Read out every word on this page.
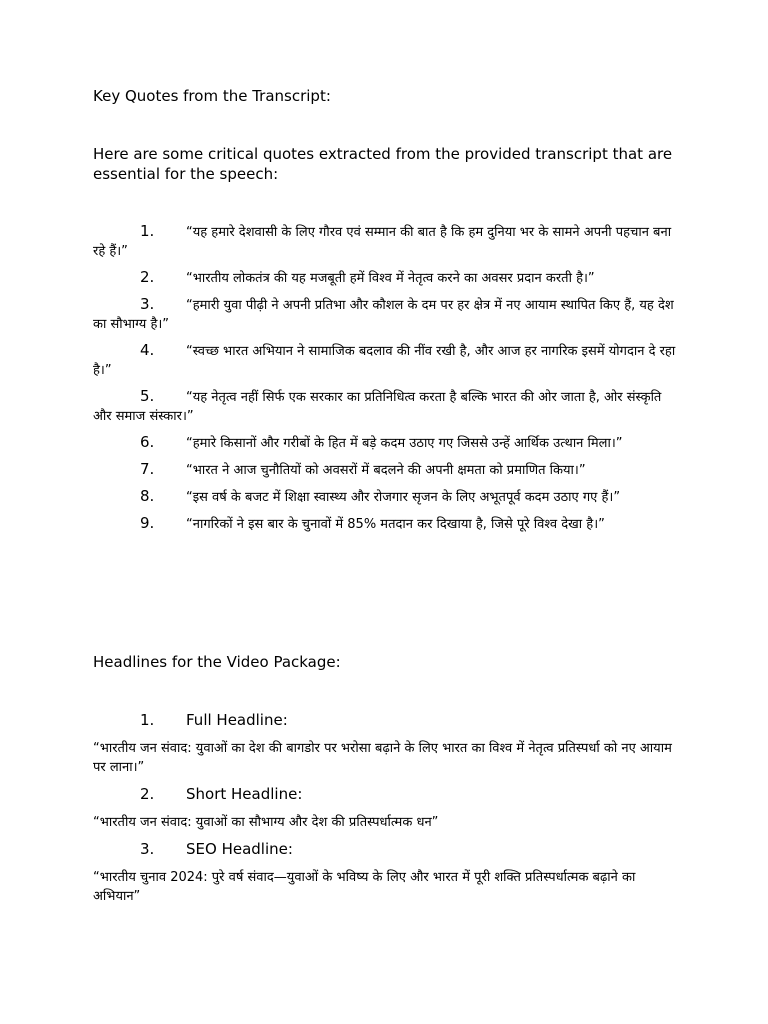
Key Quotes from the Transcript:
Here are some critical quotes extracted from the provided transcript that are essential for the speech:
1. “यह हमारे देशवासी के लिए गौरव एवं सम्मान की बात है कि हम दुनिया भर के सामने अपनी पहचान बना रहे हैं।”
2. “भारतीय लोकतंत्र की यह मजबूती हमें विश्व में नेतृत्व करने का अवसर प्रदान करती है।”
3. “हमारी युवा पीढ़ी ने अपनी प्रतिभा और कौशल के दम पर हर क्षेत्र में नए आयाम स्थापित किए हैं, यह देश का सौभाग्य है।”
4. “स्वच्छ भारत अभियान ने सामाजिक बदलाव की नींव रखी है, और आज हर नागरिक इसमें योगदान दे रहा है।”
5. “यह नेतृत्व नहीं सिर्फ एक सरकार का प्रतिनिधित्व करता है बल्कि भारत की ओर जाता है, ओर संस्कृति और समाज संस्कार।”
6. “हमारे किसानों और गरीबों के हित में बड़े कदम उठाए गए जिससे उन्हें आर्थिक उत्थान मिला।”
7. “भारत ने आज चुनौतियों को अवसरों में बदलने की अपनी क्षमता को प्रमाणित किया।”
8. “इस वर्ष के बजट में शिक्षा स्वास्थ्य और रोजगार सृजन के लिए अभूतपूर्व कदम उठाए गए हैं।”
9. “नागरिकों ने इस बार के चुनावों में 85% मतदान कर दिखाया है, जिसे पूरे विश्व देखा है।”
Headlines for the Video Package:
1. Full Headline:
“भारतीय जन संवाद: युवाओं का देश की बागडोर पर भरोसा बढ़ाने के लिए भारत का विश्व में नेतृत्व प्रतिस्पर्धा को नए आयाम पर लाना।”
2. Short Headline:
“भारतीय जन संवाद: युवाओं का सौभाग्य और देश की प्रतिस्पर्धात्मक धन”
3. SEO Headline:
“भारतीय चुनाव 2024: पुरे वर्ष संवाद—युवाओं के भविष्य के लिए और भारत में पूरी शक्ति प्रतिस्पर्धात्मक बढ़ाने का अभियान”
